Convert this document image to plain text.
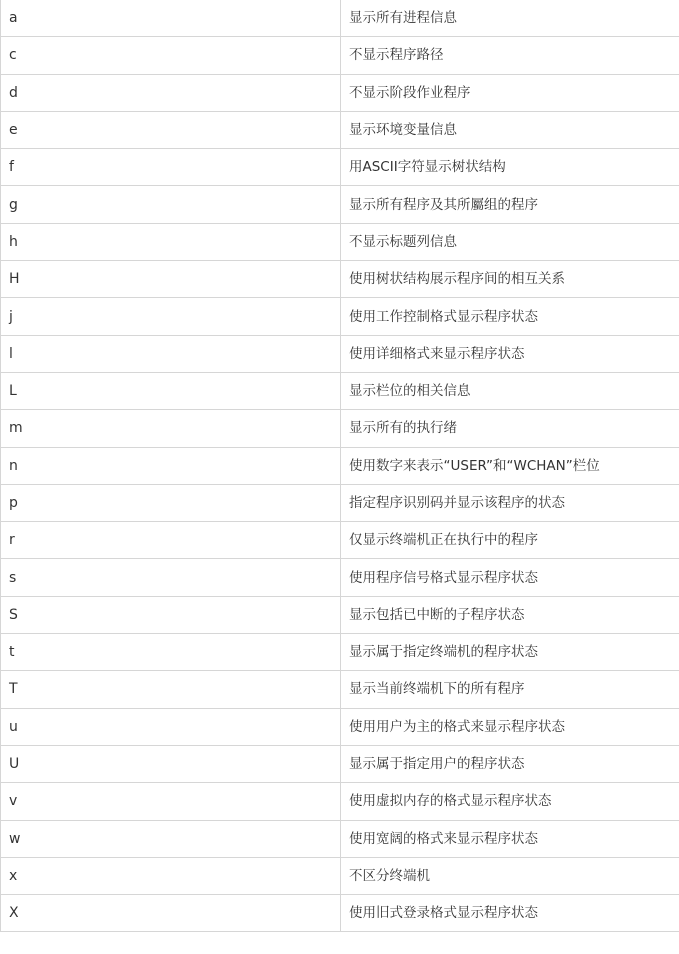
a	显示所有进程信息
c	不显示程序路径
d	不显示阶段作业程序
e	显示环境变量信息
f	用ASCII字符显示树状结构
g	显示所有程序及其所屬组的程序
h	不显示标题列信息
H	使用树状结构展示程序间的相互关系
j	使用工作控制格式显示程序状态
l	使用详细格式来显示程序状态
L	显示栏位的相关信息
m	显示所有的执行绪
n	使用数字来表示“USER”和“WCHAN”栏位
p	指定程序识别码并显示该程序的状态
r	仅显示终端机正在执行中的程序
s	使用程序信号格式显示程序状态
S	显示包括已中断的子程序状态
t	显示属于指定终端机的程序状态
T	显示当前终端机下的所有程序
u	使用用户为主的格式来显示程序状态
U	显示属于指定用户的程序状态
v	使用虚拟内存的格式显示程序状态
w	使用宽阔的格式来显示程序状态
x	不区分终端机
X	使用旧式登录格式显示程序状态
